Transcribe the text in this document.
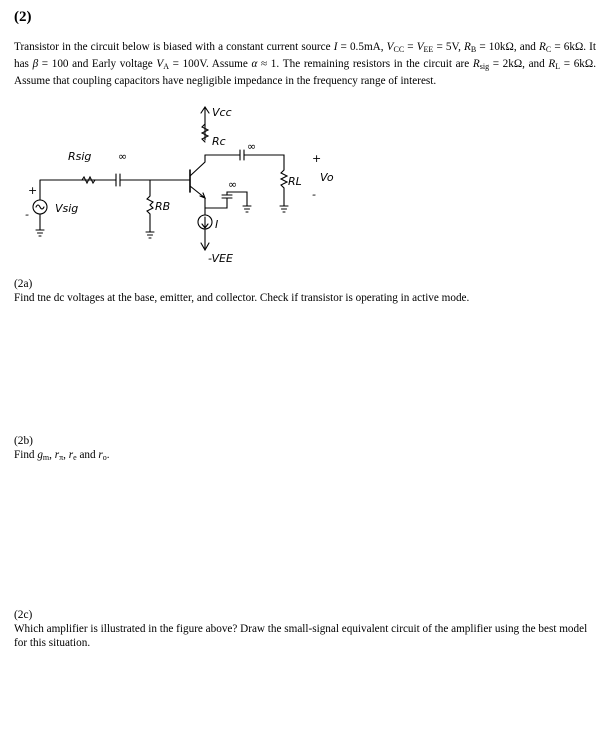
(2)
Transistor in the circuit below is biased with a constant current source I = 0.5mA, $V_{CC} = V_{EE} = 5V$, $R_B = 10k\Omega$, and $R_C = 6k\Omega$. It has β = 100 and Early voltage $V_A = 100V$. Assume α ≈ 1. The remaining resistors in the circuit are $R_{sig} = 2k\Omega$, and $R_L = 6k\Omega$. Assume that coupling capacitors have negligible impedance in the frequency range of interest.
Vcc
Rc ∞
RL
+
Vo
-
Rsig ∞
RB
+
- Vsig
∞
I
-VEE
(2a)
Find tne dc voltages at the base, emitter, and collector. Check if transistor is operating in active mode.
(2b)
Find $g_m$, $r_\pi$, $r_e$ and $r_o$.
(2c)
Which amplifier is illustrated in the figure above? Draw the small-signal equivalent circuit of the amplifier using the best model for this situation.
